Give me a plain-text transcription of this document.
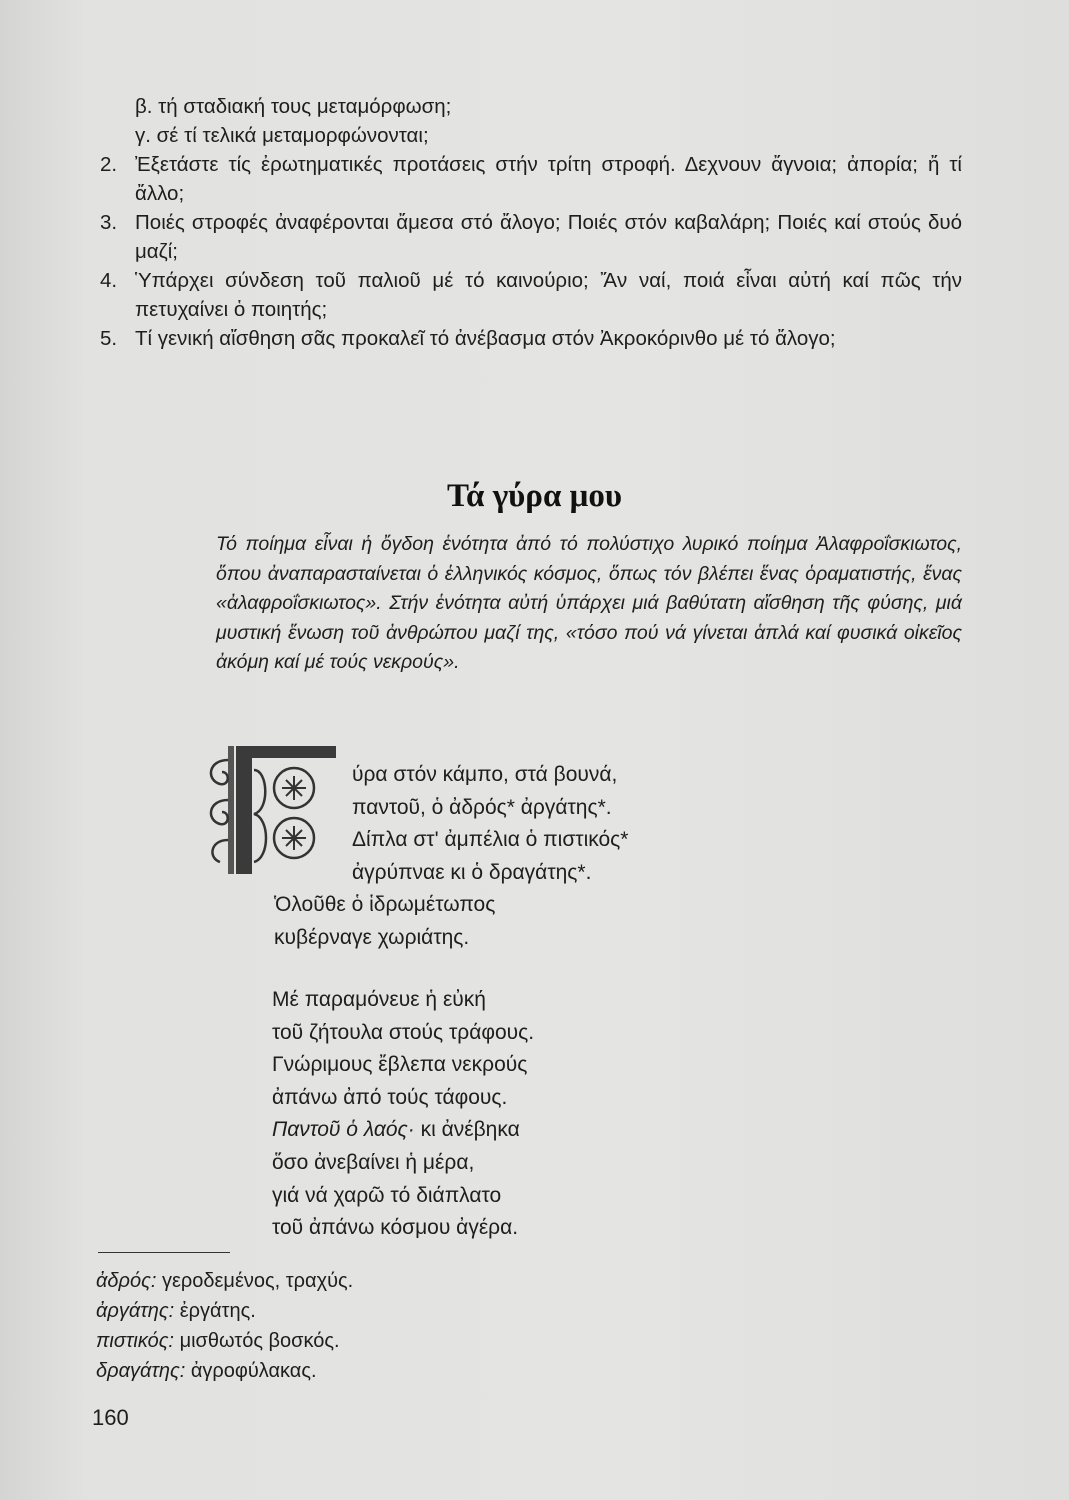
β. τή σταδιακή τους μεταμόρφωση;
γ. σέ τί τελικά μεταμορφώνονται;
2. Ἐξετάστε τίς ἐρωτηματικές προτάσεις στήν τρίτη στροφή. Δεχνουν ἄγνοια; ἀπορία; ἤ τί ἄλλο;
3. Ποιές στροφές ἀναφέρονται ἄμεσα στό ἄλογο; Ποιές στόν καβαλάρη; Ποιές καί στούς δυό μαζί;
4. Ὑπάρχει σύνδεση τοῦ παλιοῦ μέ τό καινούριο; Ἄν ναί, ποιά εἶναι αὐτή καί πῶς τήν πετυχαίνει ὁ ποιητής;
5. Τί γενική αἴσθηση σᾶς προκαλεῖ τό ἀνέβασμα στόν Ἀκροκόρινθο μέ τό ἄλογο;
Τά γύρα μου
Τό ποίημα εἶναι ἡ ὄγδοη ἑνότητα ἀπό τό πολύστιχο λυρικό ποίημα Ἀλαφροΐσκιωτος, ὅπου ἀναπαρασταίνεται ὁ ἑλληνικός κόσμος, ὅπως τόν βλέπει ἕνας ὁραματιστής, ἕνας «ἀλαφροΐσκιωτος». Στήν ἑνότητα αὐτή ὑπάρχει μιά βαθύτατη αἴσθηση τῆς φύσης, μιά μυστική ἕνωση τοῦ ἀνθρώπου μαζί της, «τόσο πού νά γίνεται ἁπλά καί φυσικά οἰκεῖος ἀκόμη καί μέ τούς νεκρούς».
Γ
ύρα στόν κάμπο, στά βουνά,
παντοῦ, ὁ ἀδρός* ἀργάτης*.
Δίπλα στ' ἀμπέλια ὁ πιστικός*
ἀγρύπναε κι ὁ δραγάτης*.
Ὁλοῦθε ὁ ἱδρωμέτωπος
κυβέρναγε χωριάτης.
Μέ παραμόνευε ἡ εὐκή
τοῦ ζήτουλα στούς τράφους.
Γνώριμους ἔβλεπα νεκρούς
ἀπάνω ἀπό τούς τάφους.
Παντοῦ ὁ λαός· κι ἀνέβηκα
ὅσο ἀνεβαίνει ἡ μέρα,
γιά νά χαρῶ τό διάπλατο
τοῦ ἀπάνω κόσμου ἀγέρα.
ἀδρός: γεροδεμένος, τραχύς.
ἀργάτης: ἐργάτης.
πιστικός: μισθωτός βοσκός.
δραγάτης: ἀγροφύλακας.
160
